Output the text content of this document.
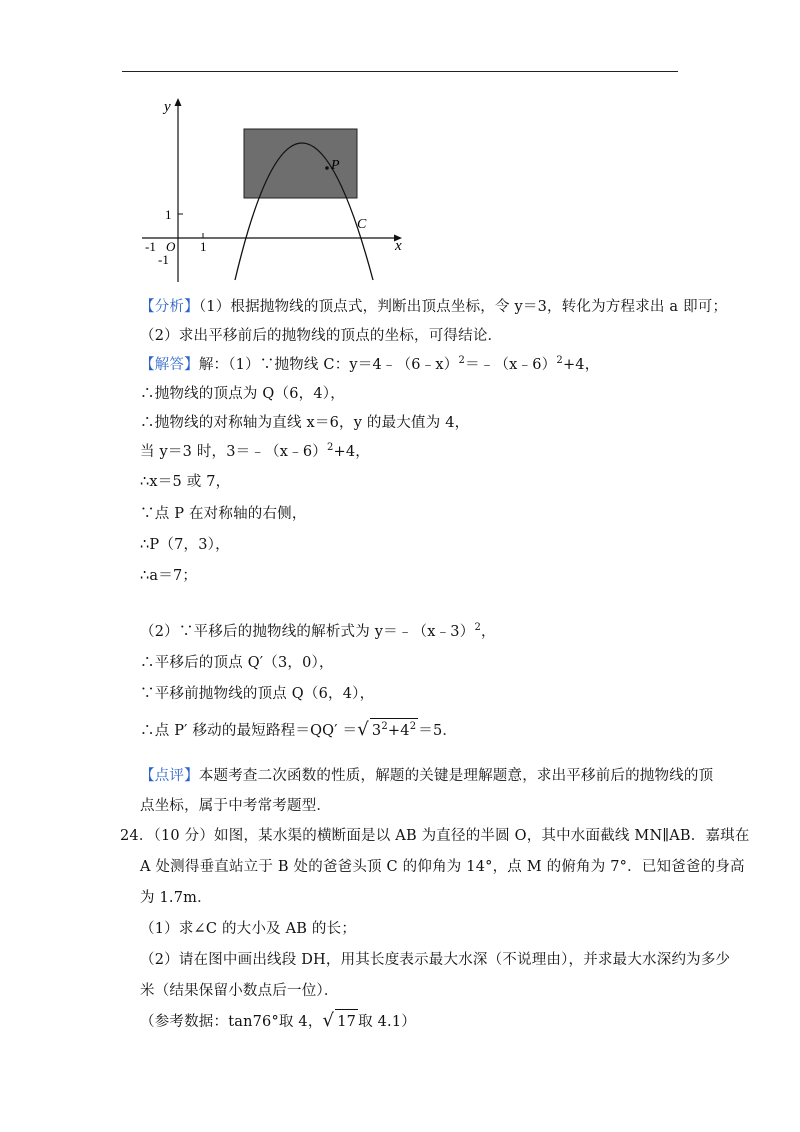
y
x
O
1
-1	1
-1
P
C
【分析】（1）根据抛物线的顶点式，判断出顶点坐标，令 y＝3，转化为方程求出 a 即可；
（2）求出平移前后的抛物线的顶点的坐标，可得结论．
【解答】解：（1）∵抛物线 C：y＝4﹣（6﹣x）$^2$＝﹣（x﹣6）$^2$+4，
∴抛物线的顶点为 Q（6，4），
∴抛物线的对称轴为直线 x＝6，y 的最大值为 4，
当 y＝3 时，3＝﹣（x﹣6）$^2$+4，
∴x＝5 或 7，
∵点 P 在对称轴的右侧，
∴P（7，3），
∴a＝7；
（2）∵平移后的抛物线的解析式为 y＝﹣（x﹣3）$^2$，
∴平移后的顶点 Q′（3，0），
∵平移前抛物线的顶点 Q（6，4），
∴点 P′ 移动的最短路程＝QQ′ ＝√ $3^2+4^2 =5$．
【点评】本题考查二次函数的性质，解题的关键是理解题意，求出平移前后的抛物线的顶
点坐标，属于中考常考题型．
24．（10 分）如图，某水渠的横断面是以 AB 为直径的半圆 O，其中水面截线 MN∥AB．嘉琪在
A 处测得垂直站立于 B 处的爸爸头顶 C 的仰角为 14°，点 M 的俯角为 7°．已知爸爸的身高
为 1.7m．
（1）求∠C 的大小及 AB 的长；
（2）请在图中画出线段 DH，用其长度表示最大水深（不说理由），并求最大水深约为多少
米（结果保留小数点后一位）．
（参考数据：tan76°取 4，√ 17 取 4.1）
